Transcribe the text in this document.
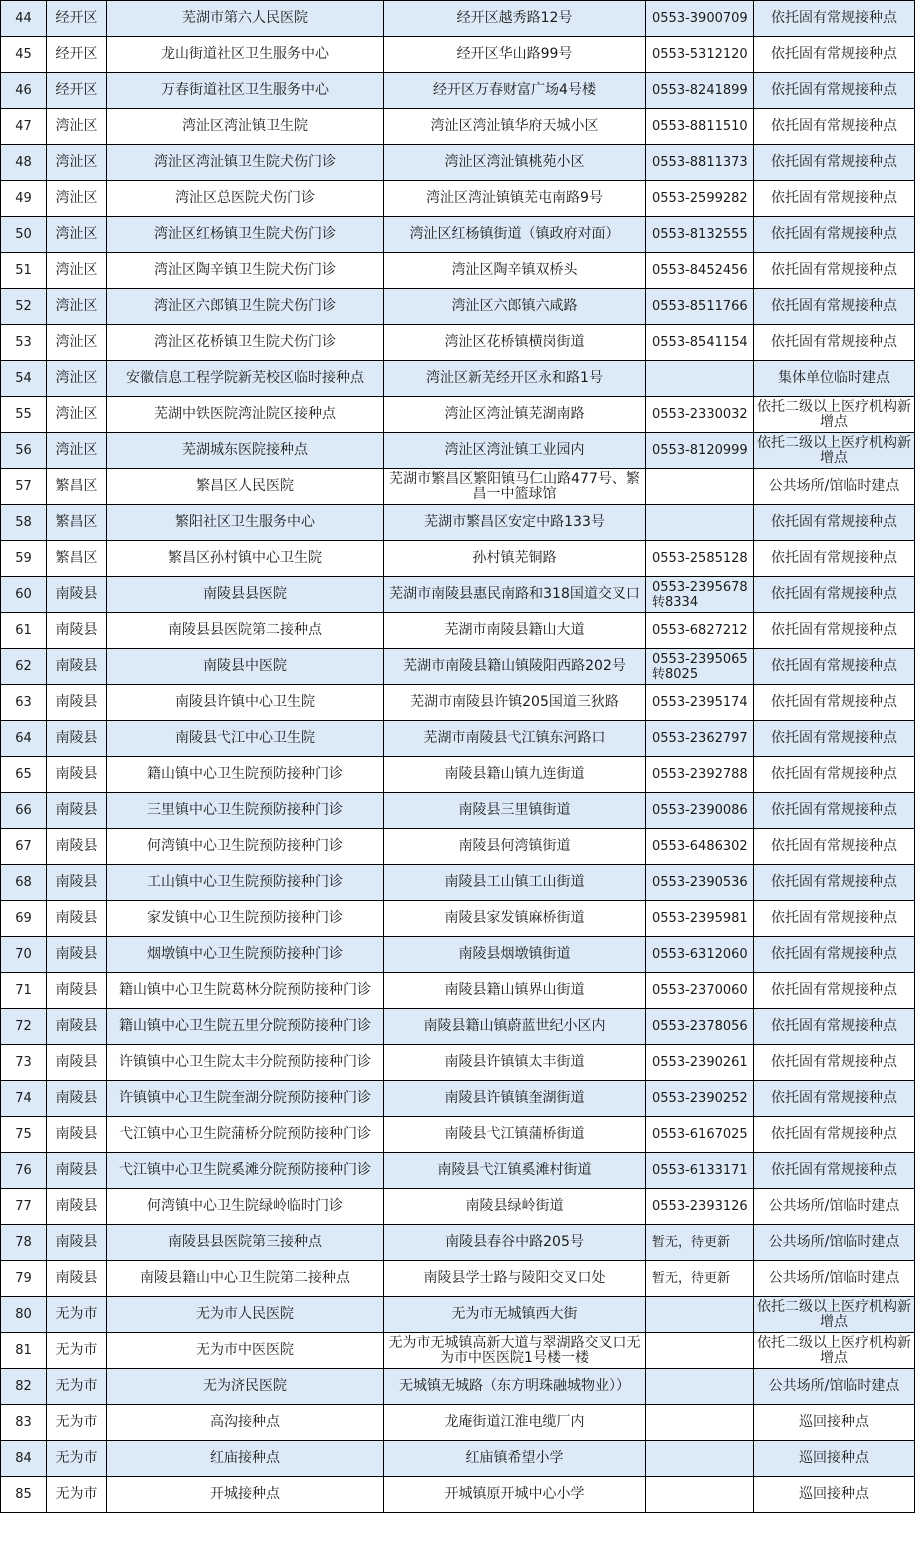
44	经开区	芜湖市第六人民医院	经开区越秀路12号	0553-3900709	依托固有常规接种点
45	经开区	龙山街道社区卫生服务中心	经开区华山路99号	0553-5312120	依托固有常规接种点
46	经开区	万春街道社区卫生服务中心	经开区万春财富广场4号楼	0553-8241899	依托固有常规接种点
47	湾沚区	湾沚区湾沚镇卫生院	湾沚区湾沚镇华府天城小区	0553-8811510	依托固有常规接种点
48	湾沚区	湾沚区湾沚镇卫生院犬伤门诊	湾沚区湾沚镇桃苑小区	0553-8811373	依托固有常规接种点
49	湾沚区	湾沚区总医院犬伤门诊	湾沚区湾沚镇镇芜屯南路9号	0553-2599282	依托固有常规接种点
50	湾沚区	湾沚区红杨镇卫生院犬伤门诊	湾沚区红杨镇街道（镇政府对面）	0553-8132555	依托固有常规接种点
51	湾沚区	湾沚区陶辛镇卫生院犬伤门诊	湾沚区陶辛镇双桥头	0553-8452456	依托固有常规接种点
52	湾沚区	湾沚区六郎镇卫生院犬伤门诊	湾沚区六郎镇六咸路	0553-8511766	依托固有常规接种点
53	湾沚区	湾沚区花桥镇卫生院犬伤门诊	湾沚区花桥镇横岗街道	0553-8541154	依托固有常规接种点
54	湾沚区	安徽信息工程学院新芜校区临时接种点	湾沚区新芜经开区永和路1号		集体单位临时建点
55	湾沚区	芜湖中铁医院湾沚院区接种点	湾沚区湾沚镇芜湖南路	0553-2330032	依托二级以上医疗机构新增点
56	湾沚区	芜湖城东医院接种点	湾沚区湾沚镇工业园内	0553-8120999	依托二级以上医疗机构新增点
57	繁昌区	繁昌区人民医院	芜湖市繁昌区繁阳镇马仁山路477号、繁昌一中篮球馆		公共场所/馆临时建点
58	繁昌区	繁阳社区卫生服务中心	芜湖市繁昌区安定中路133号		依托固有常规接种点
59	繁昌区	繁昌区孙村镇中心卫生院	孙村镇芜铜路	0553-2585128	依托固有常规接种点
60	南陵县	南陵县县医院	芜湖市南陵县惠民南路和318国道交叉口	0553-2395678转8334	依托固有常规接种点
61	南陵县	南陵县县医院第二接种点	芜湖市南陵县籍山大道	0553-6827212	依托固有常规接种点
62	南陵县	南陵县中医院	芜湖市南陵县籍山镇陵阳西路202号	0553-2395065转8025	依托固有常规接种点
63	南陵县	南陵县许镇中心卫生院	芜湖市南陵县许镇205国道三狄路	0553-2395174	依托固有常规接种点
64	南陵县	南陵县弋江中心卫生院	芜湖市南陵县弋江镇东河路口	0553-2362797	依托固有常规接种点
65	南陵县	籍山镇中心卫生院预防接种门诊	南陵县籍山镇九连街道	0553-2392788	依托固有常规接种点
66	南陵县	三里镇中心卫生院预防接种门诊	南陵县三里镇街道	0553-2390086	依托固有常规接种点
67	南陵县	何湾镇中心卫生院预防接种门诊	南陵县何湾镇街道	0553-6486302	依托固有常规接种点
68	南陵县	工山镇中心卫生院预防接种门诊	南陵县工山镇工山街道	0553-2390536	依托固有常规接种点
69	南陵县	家发镇中心卫生院预防接种门诊	南陵县家发镇麻桥街道	0553-2395981	依托固有常规接种点
70	南陵县	烟墩镇中心卫生院预防接种门诊	南陵县烟墩镇街道	0553-6312060	依托固有常规接种点
71	南陵县	籍山镇中心卫生院葛林分院预防接种门诊	南陵县籍山镇界山街道	0553-2370060	依托固有常规接种点
72	南陵县	籍山镇中心卫生院五里分院预防接种门诊	南陵县籍山镇蔚蓝世纪小区内	0553-2378056	依托固有常规接种点
73	南陵县	许镇镇中心卫生院太丰分院预防接种门诊	南陵县许镇镇太丰街道	0553-2390261	依托固有常规接种点
74	南陵县	许镇镇中心卫生院奎湖分院预防接种门诊	南陵县许镇镇奎湖街道	0553-2390252	依托固有常规接种点
75	南陵县	弋江镇中心卫生院蒲桥分院预防接种门诊	南陵县弋江镇蒲桥街道	0553-6167025	依托固有常规接种点
76	南陵县	弋江镇中心卫生院奚滩分院预防接种门诊	南陵县弋江镇奚滩村街道	0553-6133171	依托固有常规接种点
77	南陵县	何湾镇中心卫生院绿岭临时门诊	南陵县绿岭街道	0553-2393126	公共场所/馆临时建点
78	南陵县	南陵县县医院第三接种点	南陵县春谷中路205号	暂无，待更新	公共场所/馆临时建点
79	南陵县	南陵县籍山中心卫生院第二接种点	南陵县学士路与陵阳交叉口处	暂无，待更新	公共场所/馆临时建点
80	无为市	无为市人民医院	无为市无城镇西大街		依托二级以上医疗机构新增点
81	无为市	无为市中医医院	无为市无城镇高新大道与翠湖路交叉口无为市中医医院1号楼一楼		依托二级以上医疗机构新增点
82	无为市	无为济民医院	无城镇无城路（东方明珠融城物业））		公共场所/馆临时建点
83	无为市	高沟接种点	龙庵街道江淮电缆厂内		巡回接种点
84	无为市	红庙接种点	红庙镇希望小学		巡回接种点
85	无为市	开城接种点	开城镇原开城中心小学		巡回接种点
